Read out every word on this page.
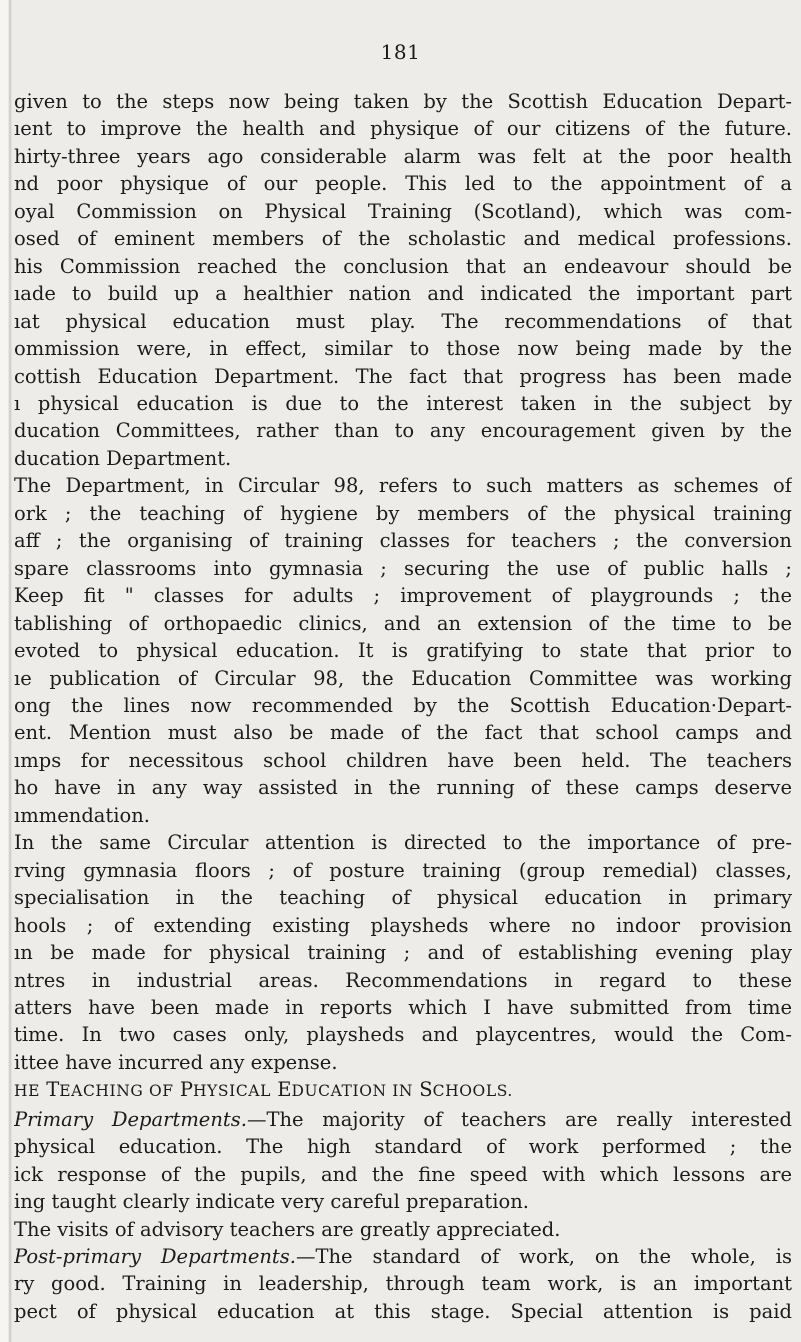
181
given to the steps now being taken by the Scottish Education Depart-
ıent to improve the health and physique of our citizens of the future.
hirty-three years ago considerable alarm was felt at the poor health
nd poor physique of our people. This led to the appointment of a
oyal Commission on Physical Training (Scotland), which was com-
osed of eminent members of the scholastic and medical professions.
his Commission reached the conclusion that an endeavour should be
ıade to build up a healthier nation and indicated the important part
ıat physical education must play. The recommendations of that
ommission were, in effect, similar to those now being made by the
cottish Education Department. The fact that progress has been made
ı physical education is due to the interest taken in the subject by
ducation Committees, rather than to any encouragement given by the
ducation Department.
The Department, in Circular 98, refers to such matters as schemes of
ork ; the teaching of hygiene by members of the physical training
aff ; the organising of training classes for teachers ; the conversion
spare classrooms into gymnasia ; securing the use of public halls ;
Keep fit " classes for adults ; improvement of playgrounds ; the
tablishing of orthopaedic clinics, and an extension of the time to be
evoted to physical education. It is gratifying to state that prior to
ıe publication of Circular 98, the Education Committee was working
ong the lines now recommended by the Scottish Education·Depart-
ent. Mention must also be made of the fact that school camps and
ımps for necessitous school children have been held. The teachers
ho have in any way assisted in the running of these camps deserve
ımmendation.
In the same Circular attention is directed to the importance of pre-
rving gymnasia floors ; of posture training (group remedial) classes,
specialisation in the teaching of physical education in primary
hools ; of extending existing playsheds where no indoor provision
ın be made for physical training ; and of establishing evening play
ntres in industrial areas. Recommendations in regard to these
atters have been made in reports which I have submitted from time
time. In two cases only, playsheds and playcentres, would the Com-
ittee have incurred any expense.
HE TEACHING OF PHYSICAL EDUCATION IN SCHOOLS.
Primary Departments.—The majority of teachers are really interested
physical education. The high standard of work performed ; the
ick response of the pupils, and the fine speed with which lessons are
ing taught clearly indicate very careful preparation.
The visits of advisory teachers are greatly appreciated.
Post-primary Departments.—The standard of work, on the whole, is
ry good. Training in leadership, through team work, is an important
pect of physical education at this stage. Special attention is paid
